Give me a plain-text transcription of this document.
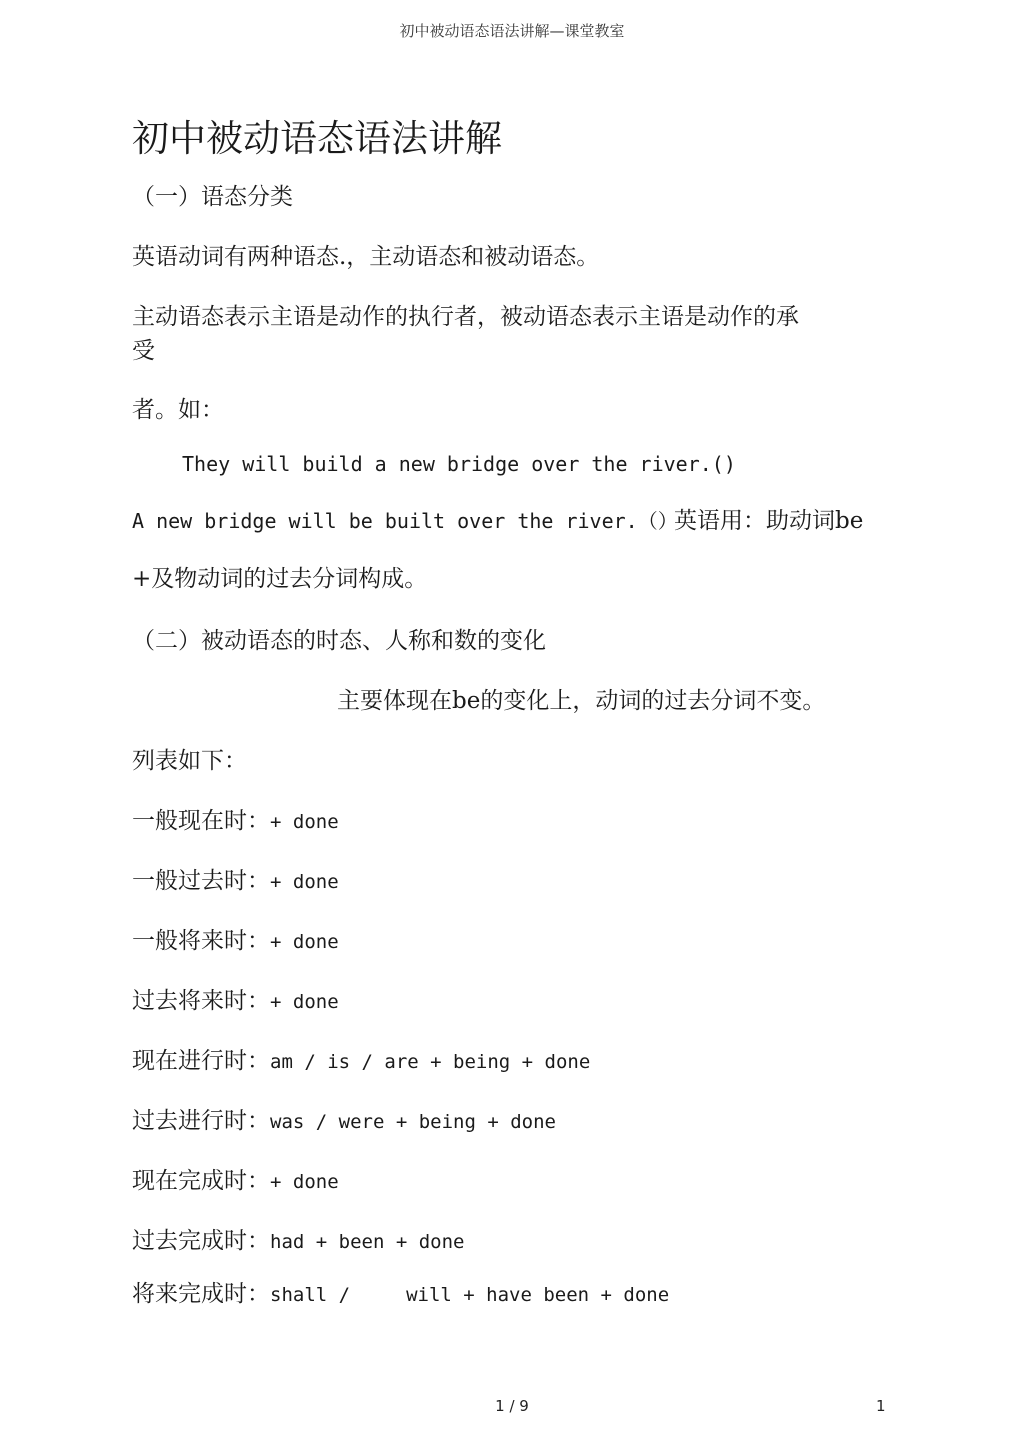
初中被动语态语法讲解—课堂教室
初中被动语态语法讲解
（一）语态分类
英语动词有两种语态.，主动语态和被动语态。
主动语态表示主语是动作的执行者，被动语态表示主语是动作的承
受
者。如：
They will build a new bridge over the river.()
A new bridge will be built over the river.（）
英语用：助动词be
+及物动词的过去分词构成。
（二）被动语态的时态、人称和数的变化
主要体现在be的变化上，动词的过去分词不变。
列表如下：
一般现在时：+ done
一般过去时：+ done
一般将来时：+ done
过去将来时：+ done
现在进行时：am / is / are + being + done
过去进行时：was / were + being + done
现在完成时：+ done
过去完成时：had + been + done
将来完成时：shall /	will + have been + done
1 / 9	1
